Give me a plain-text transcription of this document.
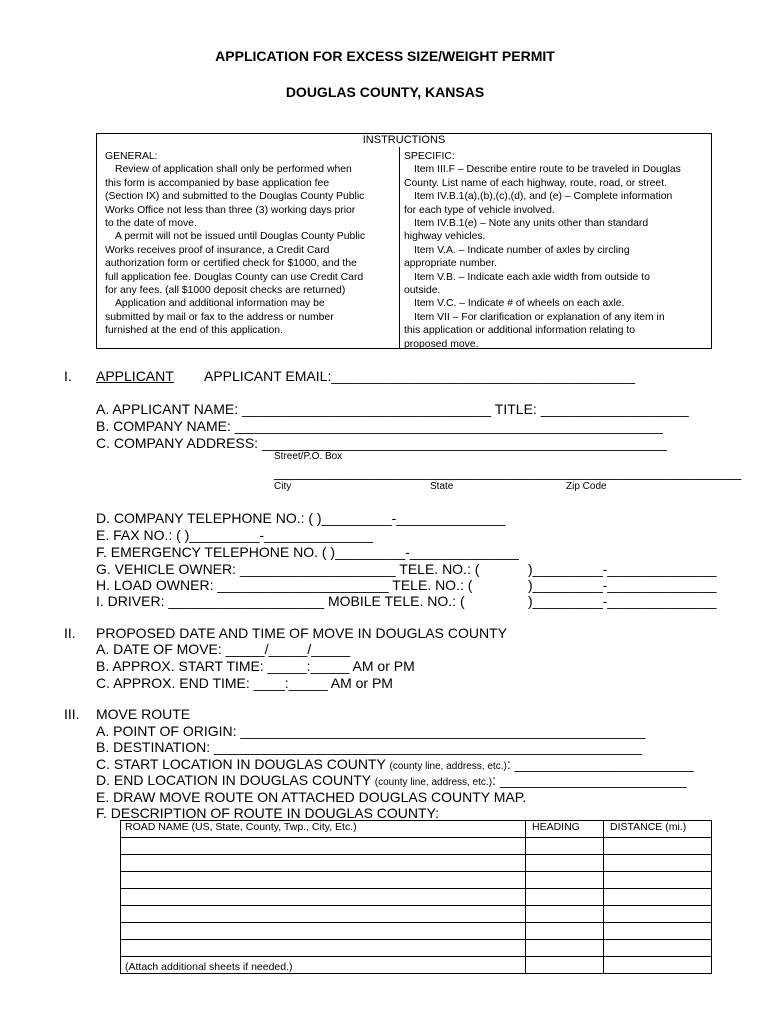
APPLICATION FOR EXCESS SIZE/WEIGHT PERMIT
DOUGLAS COUNTY, KANSAS
INSTRUCTIONS
GENERAL:
Review of application shall only be performed when
this form is accompanied by base application fee
(Section IX) and submitted to the Douglas County Public
Works Office not less than three (3) working days prior
to the date of move.
A permit will not be issued until Douglas County Public
Works receives proof of insurance, a Credit Card
authorization form or certified check for $1000, and the
full application fee. Douglas County can use Credit Card
for any fees. (all $1000 deposit checks are returned)
Application and additional information may be
submitted by mail or fax to the address or number
furnished at the end of this application.
SPECIFIC:
Item III.F – Describe entire route to be traveled in Douglas
County. List name of each highway, route, road, or street.
Item IV.B.1(a),(b),(c),(d), and (e) – Complete information
for each type of vehicle involved.
Item IV.B.1(e) – Note any units other than standard
highway vehicles.
Item V.A. – Indicate number of axles by circling
appropriate number.
Item V.B. – Indicate each axle width from outside to
outside.
Item V.C. – Indicate # of wheels on each axle.
Item VII – For clarification or explanation of any item in
this application or additional information relating to
proposed move.
I. APPLICANT APPLICANT EMAIL:_______________________________________
A. APPLICANT NAME: ________________________________ TITLE: ___________________
B. COMPANY NAME: _______________________________________________________
C. COMPANY ADDRESS: ____________________________________________________
Street/P.O. Box
____________________________________________________________
City	State	Zip Code
D. COMPANY TELEPHONE NO.: ( )_________-______________
E. FAX NO.: ( )_________-______________
F. EMERGENCY TELEPHONE NO. ( )_________-______________
G. VEHICLE OWNER: ____________________ TELE. NO.: (	)_________-______________
H. LOAD OWNER: ______________________ TELE. NO.: (	)_________-______________
I. DRIVER: ____________________ MOBILE TELE. NO.: (	)_________-______________
II. PROPOSED DATE AND TIME OF MOVE IN DOUGLAS COUNTY
A. DATE OF MOVE: _____/_____/_____
B. APPROX. START TIME: _____:_____ AM or PM
C. APPROX. END TIME: ____:_____ AM or PM
III. MOVE ROUTE
A. POINT OF ORIGIN: ____________________________________________________
B. DESTINATION: _______________________________________________________
C. START LOCATION IN DOUGLAS COUNTY (county line, address, etc.): _______________________
D. END LOCATION IN DOUGLAS COUNTY (county line, address, etc.): ________________________
E. DRAW MOVE ROUTE ON ATTACHED DOUGLAS COUNTY MAP.
F. DESCRIPTION OF ROUTE IN DOUGLAS COUNTY:
ROAD NAME (US, State, County, Twp., City, Etc.)	HEADING	DISTANCE (mi.)

(Attach additional sheets if needed.)		
